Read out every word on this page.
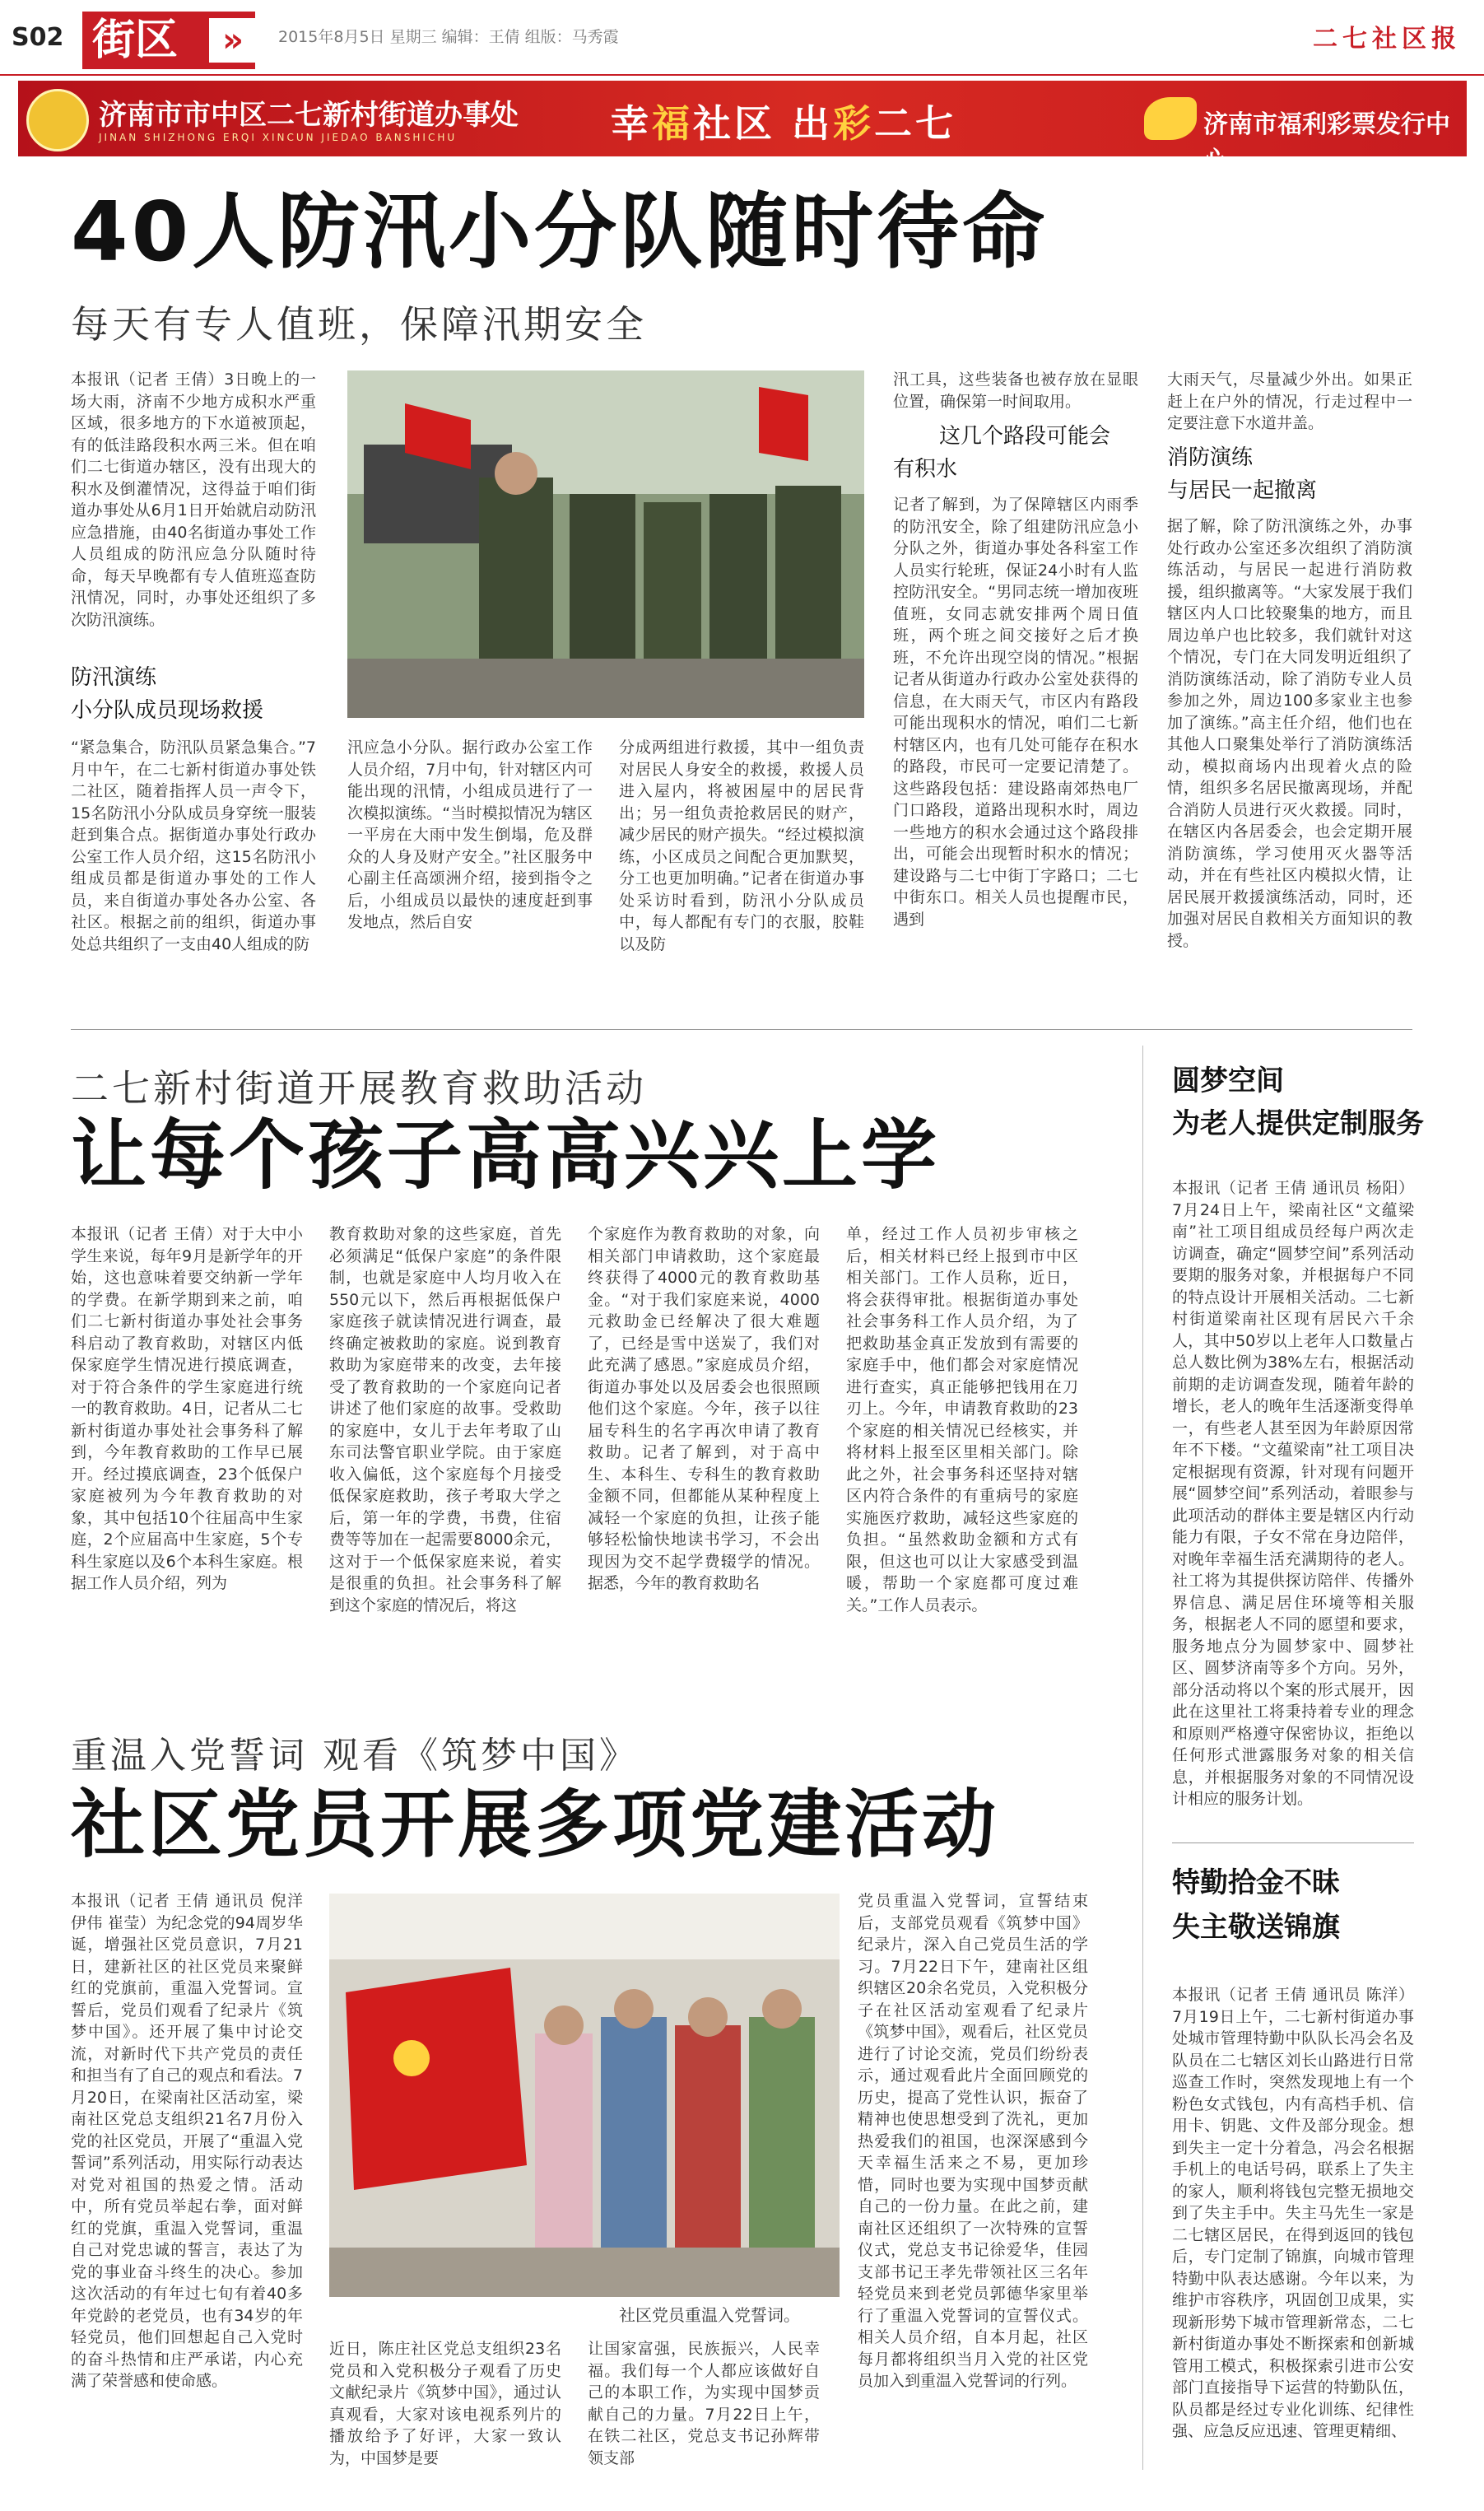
S02 街区	»	2015年8月5日 星期三 编辑：王倩 组版：马秀霞	二七社区报
济南市市中区二七新村街道办事处
JINAN SHIZHONG ERQI XINCUN JIEDAO BANSHICHU	幸福社区 出彩二七	济南市福利彩票发行中心
40人防汛小分队随时待命
每天有专人值班，保障汛期安全
本报讯（记者 王倩）3日晚上的一场大雨，济南不少地方成积水严重区域，很多地方的下水道被顶起，有的低洼路段积水两三米。但在咱们二七街道办辖区，没有出现大的积水及倒灌情况，这得益于咱们街道办事处从6月1日开始就启动防汛应急措施，由40名街道办事处工作人员组成的防汛应急分队随时待命，每天早晚都有专人值班巡查防汛情况，同时，办事处还组织了多次防汛演练。
防汛演练
小分队成员现场救援
“紧急集合，防汛队员紧急集合。”7月中午，在二七新村街道办事处铁二社区，随着指挥人员一声令下，15名防汛小分队成员身穿统一服装赶到集合点。据街道办事处行政办公室工作人员介绍，这15名防汛小组成员都是街道办事处的工作人员，来自街道办事处各办公室、各社区。根据之前的组织，街道办事处总共组织了一支由40人组成的防
汛应急小分队。据行政办公室工作人员介绍，7月中旬，针对辖区内可能出现的汛情，小组成员进行了一次模拟演练。“当时模拟情况为辖区一平房在大雨中发生倒塌，危及群众的人身及财产安全。”社区服务中心副主任高颂洲介绍，接到指令之后，小组成员以最快的速度赶到事发地点，然后自安
分成两组进行救援，其中一组负责对居民人身安全的救援，救援人员进入屋内，将被困屋中的居民背出；另一组负责抢救居民的财产，减少居民的财产损失。“经过模拟演练，小区成员之间配合更加默契，分工也更加明确。”记者在街道办事处采访时看到，防汛小分队成员中，每人都配有专门的衣服，胶鞋以及防
汛工具，这些装备也被存放在显眼位置，确保第一时间取用。
这几个路段可能会
有积水
记者了解到，为了保障辖区内雨季的防汛安全，除了组建防汛应急小分队之外，街道办事处各科室工作人员实行轮班，保证24小时有人监控防汛安全。“男同志统一增加夜班值班，女同志就安排两个周日值班，两个班之间交接好之后才换班，不允许出现空岗的情况。”根据记者从街道办行政办公室处获得的信息，在大雨天气，市区内有路段可能出现积水的情况，咱们二七新村辖区内，也有几处可能存在积水的路段，市民可一定要记清楚了。这些路段包括：建设路南郊热电厂门口路段，道路出现积水时，周边一些地方的积水会通过这个路段排出，可能会出现暂时积水的情况；建设路与二七中街丁字路口；二七中街东口。相关人员也提醒市民，遇到
大雨天气，尽量减少外出。如果正赶上在户外的情况，行走过程中一定要注意下水道井盖。
消防演练
与居民一起撤离
据了解，除了防汛演练之外，办事处行政办公室还多次组织了消防演练活动，与居民一起进行消防救援，组织撤离等。“大家发展于我们辖区内人口比较聚集的地方，而且周边单户也比较多，我们就针对这个情况，专门在大同发明近组织了消防演练活动，除了消防专业人员参加之外，周边100多家业主也参加了演练。”高主任介绍，他们也在其他人口聚集处举行了消防演练活动，模拟商场内出现着火点的险情，组织多名居民撤离现场，并配合消防人员进行灭火救援。同时，在辖区内各居委会，也会定期开展消防演练，学习使用灭火器等活动，并在有些社区内模拟火情，让居民展开救援演练活动，同时，还加强对居民自救相关方面知识的教授。
二七新村街道开展教育救助活动
让每个孩子高高兴兴上学
本报讯（记者 王倩）对于大中小学生来说，每年9月是新学年的开始，这也意味着要交纳新一学年的学费。在新学期到来之前，咱们二七新村街道办事处社会事务科启动了教育救助，对辖区内低保家庭学生情况进行摸底调查，对于符合条件的学生家庭进行统一的教育救助。4日，记者从二七新村街道办事处社会事务科了解到，今年教育救助的工作早已展开。经过摸底调查，23个低保户家庭被列为今年教育救助的对象，其中包括10个往届高中生家庭，2个应届高中生家庭，5个专科生家庭以及6个本科生家庭。根据工作人员介绍，列为
教育救助对象的这些家庭，首先必须满足“低保户家庭”的条件限制，也就是家庭中人均月收入在550元以下，然后再根据低保户家庭孩子就读情况进行调查，最终确定被救助的家庭。说到教育救助为家庭带来的改变，去年接受了教育救助的一个家庭向记者讲述了他们家庭的故事。受救助的家庭中，女儿于去年考取了山东司法警官职业学院。由于家庭收入偏低，这个家庭每个月接受低保家庭救助，孩子考取大学之后，第一年的学费，书费，住宿费等等加在一起需要8000余元，这对于一个低保家庭来说，着实是很重的负担。社会事务科了解到这个家庭的情况后，将这
个家庭作为教育救助的对象，向相关部门申请救助，这个家庭最终获得了4000元的教育救助基金。“对于我们家庭来说，4000元救助金已经解决了很大难题了，已经是雪中送炭了，我们对此充满了感恩。”家庭成员介绍，街道办事处以及居委会也很照顾他们这个家庭。今年，孩子以往届专科生的名字再次申请了教育救助。记者了解到，对于高中生、本科生、专科生的教育救助金额不同，但都能从某种程度上减轻一个家庭的负担，让孩子能够轻松愉快地读书学习，不会出现因为交不起学费辍学的情况。据悉，今年的教育救助名
单，经过工作人员初步审核之后，相关材料已经上报到市中区相关部门。工作人员称，近日，将会获得审批。根据街道办事处社会事务科工作人员介绍，为了把救助基金真正发放到有需要的家庭手中，他们都会对家庭情况进行查实，真正能够把钱用在刀刃上。今年，申请教育救助的23个家庭的相关情况已经核实，并将材料上报至区里相关部门。除此之外，社会事务科还坚持对辖区内符合条件的有重病号的家庭实施医疗救助，减轻这些家庭的负担。“虽然救助金额和方式有限，但这也可以让大家感受到温暖，帮助一个家庭都可度过难关。”工作人员表示。
圆梦空间
为老人提供定制服务
本报讯（记者 王倩 通讯员 杨阳）7月24日上午，梁南社区“文蕴梁南”社工项目组成员经每户两次走访调查，确定“圆梦空间”系列活动要期的服务对象，并根据每户不同的特点设计开展相关活动。二七新村街道梁南社区现有居民六千余人，其中50岁以上老年人口数量占总人数比例为38%左右，根据活动前期的走访调查发现，随着年龄的增长，老人的晚年生活逐渐变得单一，有些老人甚至因为年龄原因常年不下楼。“文蕴梁南”社工项目决定根据现有资源，针对现有问题开展“圆梦空间”系列活动，着眼参与此项活动的群体主要是辖区内行动能力有限，子女不常在身边陪伴，对晚年幸福生活充满期待的老人。社工将为其提供探访陪伴、传播外界信息、满足居住环境等相关服务，根据老人不同的愿望和要求，服务地点分为圆梦家中、圆梦社区、圆梦济南等多个方向。另外，部分活动将以个案的形式展开，因此在这里社工将秉持着专业的理念和原则严格遵守保密协议，拒绝以任何形式泄露服务对象的相关信息，并根据服务对象的不同情况设计相应的服务计划。
特勤拾金不昧
失主敬送锦旗
本报讯（记者 王倩 通讯员 陈洋）7月19日上午，二七新村街道办事处城市管理特勤中队队长冯会名及队员在二七辖区刘长山路进行日常巡查工作时，突然发现地上有一个粉色女式钱包，内有高档手机、信用卡、钥匙、文件及部分现金。想到失主一定十分着急，冯会名根据手机上的电话号码，联系上了失主的家人，顺利将钱包完整无损地交到了失主手中。失主马先生一家是二七辖区居民，在得到返回的钱包后，专门定制了锦旗，向城市管理特勤中队表达感谢。今年以来，为维护市容秩序，巩固创卫成果，实现新形势下城市管理新常态，二七新村街道办事处不断探索和创新城管用工模式，积极探索引进市公安部门直接指导下运营的特勤队伍，队员都是经过专业化训练、纪律性强、应急反应迅速、管理更精细、
重温入党誓词 观看《筑梦中国》
社区党员开展多项党建活动
本报讯（记者 王倩 通讯员 倪洋 伊伟 崔莹）为纪念党的94周岁华诞，增强社区党员意识，7月21日，建新社区的社区党员来聚鲜红的党旗前，重温入党誓词。宣誓后，党员们观看了纪录片《筑梦中国》。还开展了集中讨论交流，对新时代下共产党员的责任和担当有了自己的观点和看法。7月20日，在梁南社区活动室，梁南社区党总支组织21名7月份入党的社区党员，开展了“重温入党誓词”系列活动，用实际行动表达对党对祖国的热爱之情。活动中，所有党员举起右拳，面对鲜红的党旗，重温入党誓词，重温自己对党忠诚的誓言，表达了为党的事业奋斗终生的决心。参加这次活动的有年过七旬有着40多年党龄的老党员，也有34岁的年轻党员，他们回想起自己入党时的奋斗热情和庄严承诺，内心充满了荣誉感和使命感。
社区党员重温入党誓词。
近日，陈庄社区党总支组织23名党员和入党积极分子观看了历史文献纪录片《筑梦中国》，通过认真观看，大家对该电视系列片的播放给予了好评，大家一致认为，中国梦是要
让国家富强，民族振兴，人民幸福。我们每一个人都应该做好自己的本职工作，为实现中国梦贡献自己的力量。7月22日上午，在铁二社区，党总支书记孙辉带领支部
党员重温入党誓词，宣誓结束后，支部党员观看《筑梦中国》纪录片，深入自己党员生活的学习。7月22日下午，建南社区组织辖区20余名党员，入党积极分子在社区活动室观看了纪录片《筑梦中国》，观看后，社区党员进行了讨论交流，党员们纷纷表示，通过观看此片全面回顾党的历史，提高了党性认识，振奋了精神也使思想受到了洗礼，更加热爱我们的祖国，也深深感到今天幸福生活来之不易，更加珍惜，同时也要为实现中国梦贡献自己的一份力量。在此之前，建南社区还组织了一次特殊的宣誓仪式，党总支书记徐爱华，佳园支部书记王孝先带领社区三名年轻党员来到老党员郭德华家里举行了重温入党誓词的宣誓仪式。相关人员介绍，自本月起，社区每月都将组织当月入党的社区党员加入到重温入党誓词的行列。
